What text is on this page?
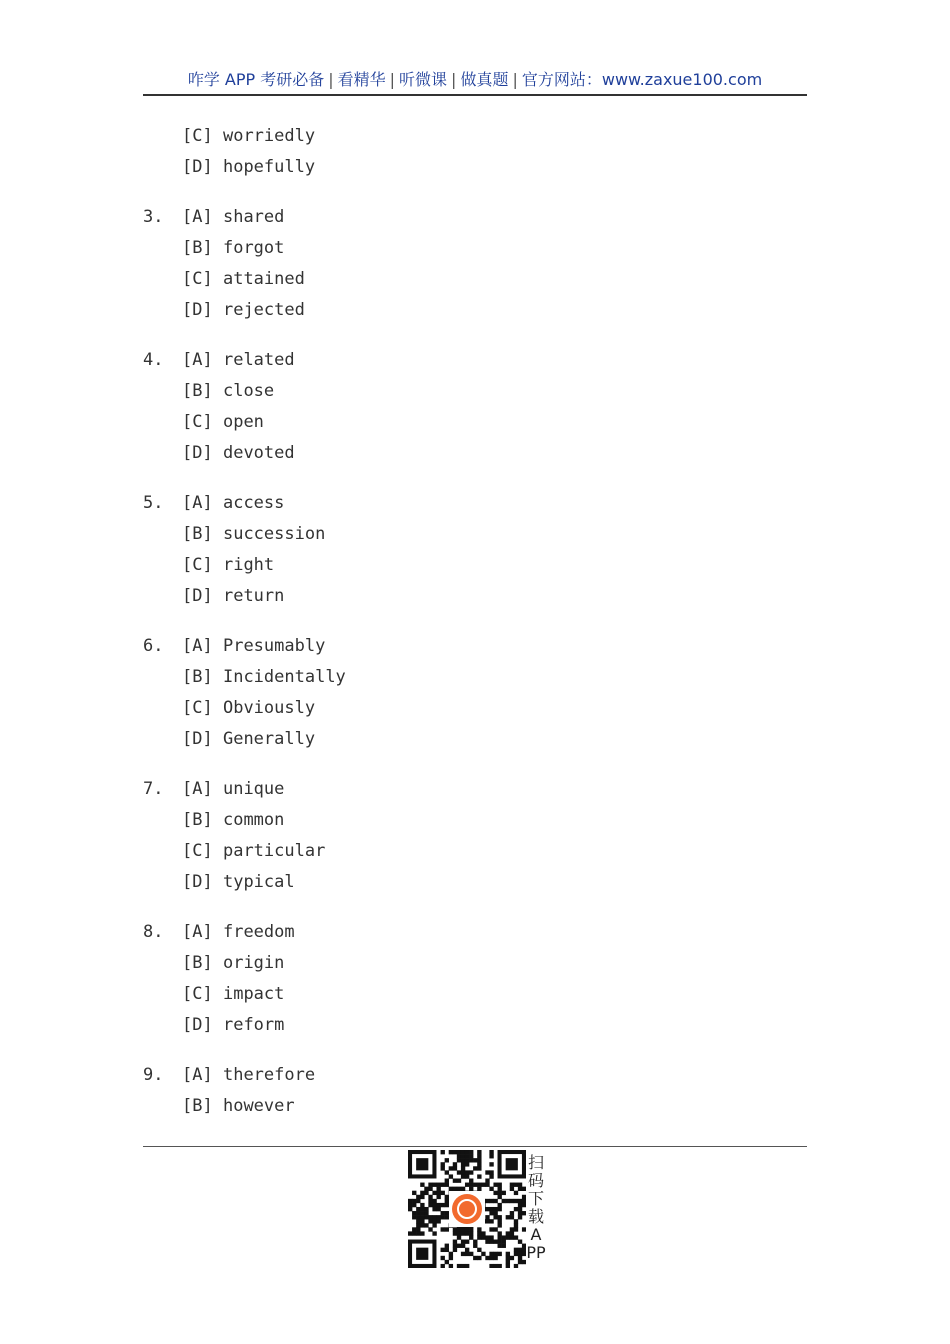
咋学 APP 考研必备 | 看精华 | 听微课 | 做真题 | 官方网站：www.zaxue100.com
[C] worriedly
[D] hopefully
3. [A] shared
[B] forgot
[C] attained
[D] rejected
4. [A] related
[B] close
[C] open
[D] devoted
5. [A] access
[B] succession
[C] right
[D] return
6. [A] Presumably
[B] Incidentally
[C] Obviously
[D] Generally
7. [A] unique
[B] common
[C] particular
[D] typical
8. [A] freedom
[B] origin
[C] impact
[D] reform
9. [A] therefore
[B] however
扫码下载APP
